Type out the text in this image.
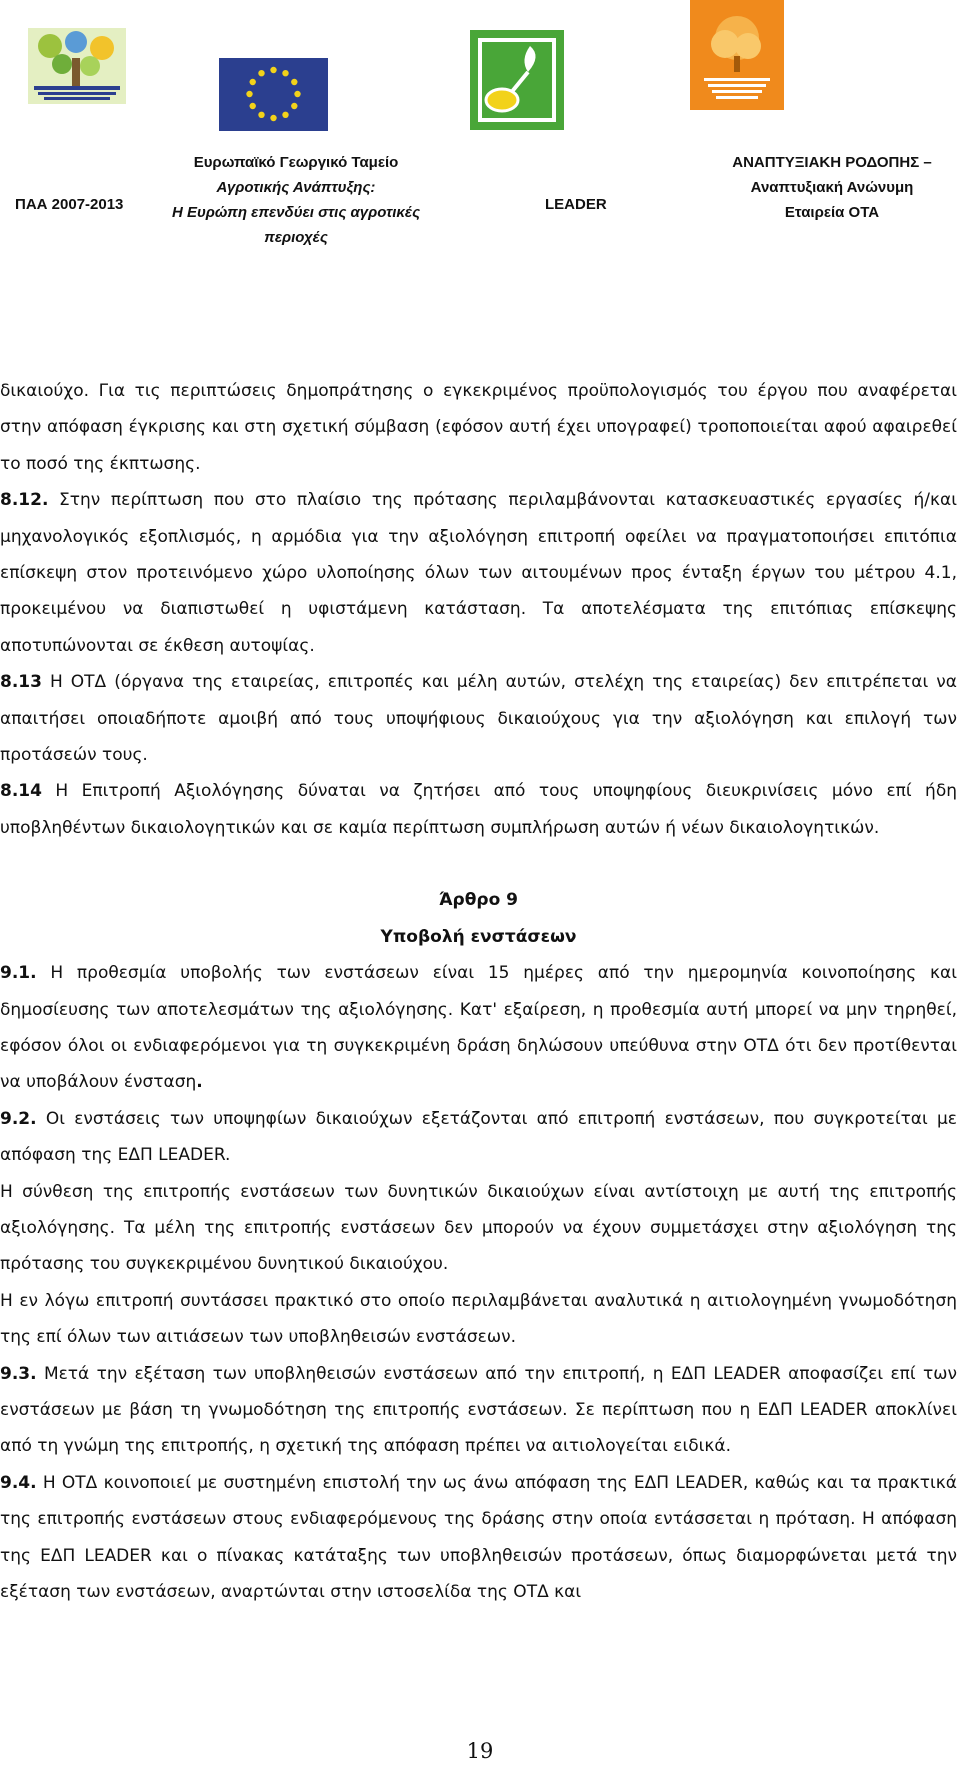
ΠΑΑ 2007-2013
Ευρωπαϊκό Γεωργικό Ταμείο
Αγροτικής Ανάπτυξης:
Η Ευρώπη επενδύει στις αγροτικές
περιοχές
LEADER
ΑΝΑΠΤΥΞΙΑΚΗ ΡΟΔΟΠΗΣ –
Αναπτυξιακή Ανώνυμη
Εταιρεία ΟΤΑ

δικαιούχο. Για τις περιπτώσεις δημοπράτησης ο εγκεκριμένος προϋπολογισμός του έργου που αναφέρεται στην απόφαση έγκρισης και στη σχετική σύμβαση (εφόσον αυτή έχει υπογραφεί) τροποποιείται αφού αφαιρεθεί το ποσό της έκπτωσης.

8.12. Στην περίπτωση που στο πλαίσιο της πρότασης περιλαμβάνονται κατασκευαστικές εργασίες ή/και μηχανολογικός εξοπλισμός, η αρμόδια για την αξιολόγηση επιτροπή οφείλει να πραγματοποιήσει επιτόπια επίσκεψη στον προτεινόμενο χώρο υλοποίησης όλων των αιτουμένων προς ένταξη έργων του μέτρου 4.1, προκειμένου να διαπιστωθεί η υφιστάμενη κατάσταση. Τα αποτελέσματα της επιτόπιας επίσκεψης αποτυπώνονται σε έκθεση αυτοψίας.

8.13 Η ΟΤΔ (όργανα της εταιρείας, επιτροπές και μέλη αυτών, στελέχη της εταιρείας) δεν επιτρέπεται να απαιτήσει οποιαδήποτε αμοιβή από τους υποψήφιους δικαιούχους για την αξιολόγηση και επιλογή των προτάσεών τους.

8.14 Η Επιτροπή Αξιολόγησης δύναται να ζητήσει από τους υποψηφίους διευκρινίσεις μόνο επί ήδη υποβληθέντων δικαιολογητικών και σε καμία περίπτωση συμπλήρωση αυτών ή νέων δικαιολογητικών.

Άρθρο 9

Υποβολή ενστάσεων

9.1. Η προθεσμία υποβολής των ενστάσεων είναι 15 ημέρες από την ημερομηνία κοινοποίησης και δημοσίευσης των αποτελεσμάτων της αξιολόγησης. Κατ' εξαίρεση, η προθεσμία αυτή μπορεί να μην τηρηθεί, εφόσον όλοι οι ενδιαφερόμενοι για τη συγκεκριμένη δράση δηλώσουν υπεύθυνα στην ΟΤΔ ότι δεν προτίθενται να υποβάλουν ένσταση.

9.2. Οι ενστάσεις των υποψηφίων δικαιούχων εξετάζονται από επιτροπή ενστάσεων, που συγκροτείται με απόφαση της ΕΔΠ LEADER.

Η σύνθεση της επιτροπής ενστάσεων των δυνητικών δικαιούχων είναι αντίστοιχη με αυτή της επιτροπής αξιολόγησης. Τα μέλη της επιτροπής ενστάσεων δεν μπορούν να έχουν συμμετάσχει στην αξιολόγηση της πρότασης του συγκεκριμένου δυνητικού δικαιούχου.

Η εν λόγω επιτροπή συντάσσει πρακτικό στο οποίο περιλαμβάνεται αναλυτικά η αιτιολογημένη γνωμοδότηση της επί όλων των αιτιάσεων των υποβληθεισών ενστάσεων.

9.3. Μετά την εξέταση των υποβληθεισών ενστάσεων από την επιτροπή, η ΕΔΠ LEADER αποφασίζει επί των ενστάσεων με βάση τη γνωμοδότηση της επιτροπής ενστάσεων. Σε περίπτωση που η ΕΔΠ LEADER αποκλίνει από τη γνώμη της επιτροπής, η σχετική της απόφαση πρέπει να αιτιολογείται ειδικά.

9.4. Η ΟΤΔ κοινοποιεί με συστημένη επιστολή την ως άνω απόφαση της ΕΔΠ LEADER, καθώς και τα πρακτικά της επιτροπής ενστάσεων στους ενδιαφερόμενους της δράσης στην οποία εντάσσεται η πρόταση. Η απόφαση της ΕΔΠ LEADER και ο πίνακας κατάταξης των υποβληθεισών προτάσεων, όπως διαμορφώνεται μετά την εξέταση των ενστάσεων, αναρτώνται στην ιστοσελίδα της ΟΤΔ και

19
